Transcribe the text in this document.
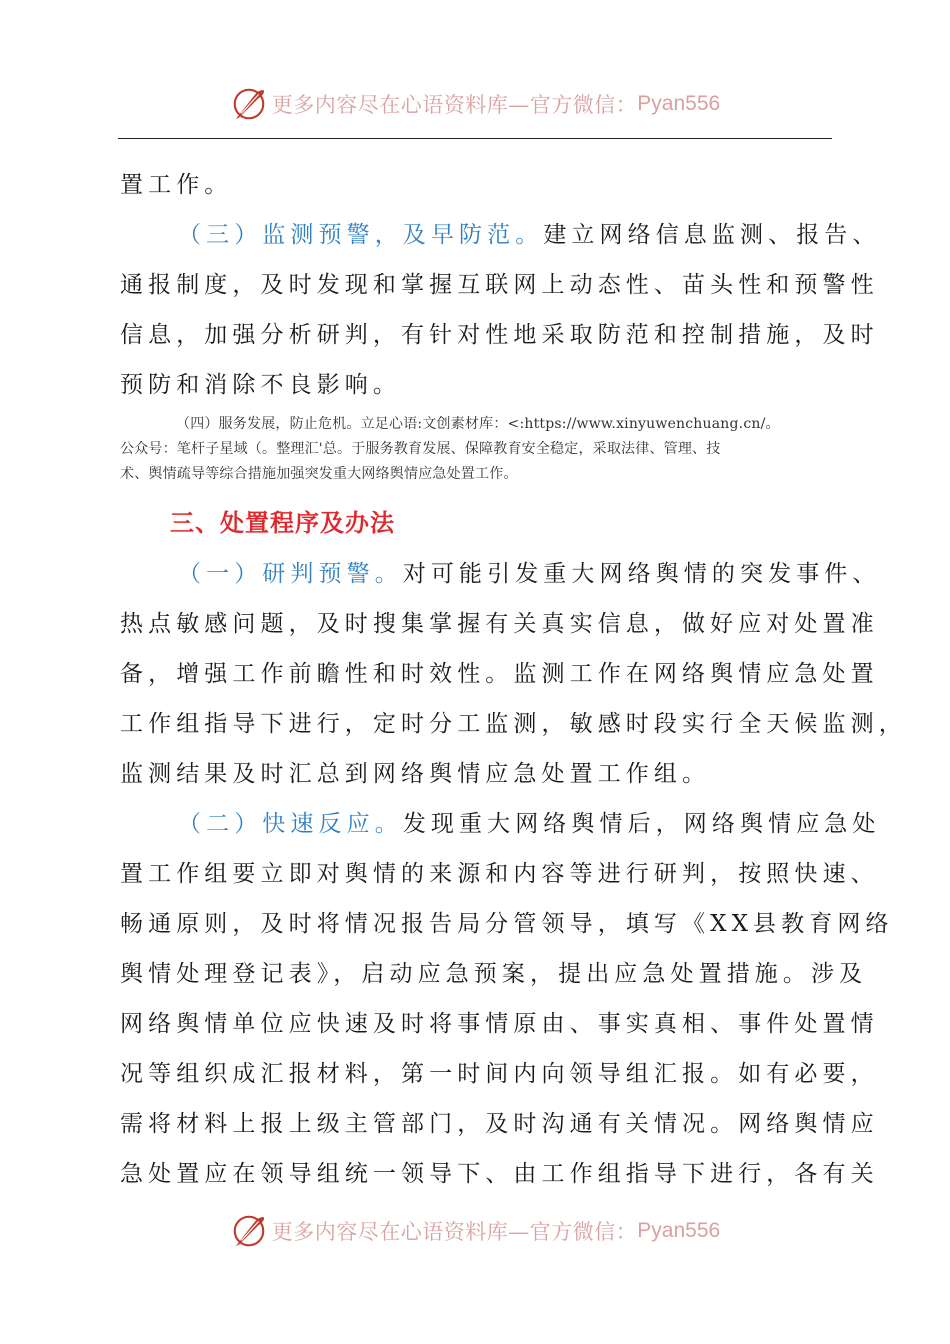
更多内容尽在心语资料库—官方微信： Pyan556
置工作。
（三）监测预警，及早防范。建立网络信息监测、报告、
通报制度，及时发现和掌握互联网上动态性、苗头性和预警性
信息，加强分析研判，有针对性地采取防范和控制措施，及时
预防和消除不良影响。
（四）服务发展，防止危机。立足心语:文创素材库：<:https://www.xinyuwenchuang.cn/。
公众号：笔杆子星域（。整理汇'总。于服务教育发展、保障教育安全稳定，采取法律、管理、技
术、舆情疏导等综合措施加强突发重大网络舆情应急处置工作。
三、处置程序及办法
（一）研判预警。对可能引发重大网络舆情的突发事件、
热点敏感问题，及时搜集掌握有关真实信息，做好应对处置准
备，增强工作前瞻性和时效性。监测工作在网络舆情应急处置
工作组指导下进行，定时分工监测，敏感时段实行全天候监测，
监测结果及时汇总到网络舆情应急处置工作组。
（二）快速反应。发现重大网络舆情后，网络舆情应急处
置工作组要立即对舆情的来源和内容等进行研判，按照快速、
畅通原则，及时将情况报告局分管领导，填写《XX县教育网络
舆情处理登记表》，启动应急预案，提出应急处置措施。涉及
网络舆情单位应快速及时将事情原由、事实真相、事件处置情
况等组织成汇报材料，第一时间内向领导组汇报。如有必要，
需将材料上报上级主管部门，及时沟通有关情况。网络舆情应
急处置应在领导组统一领导下、由工作组指导下进行，各有关
更多内容尽在心语资料库—官方微信： Pyan556
